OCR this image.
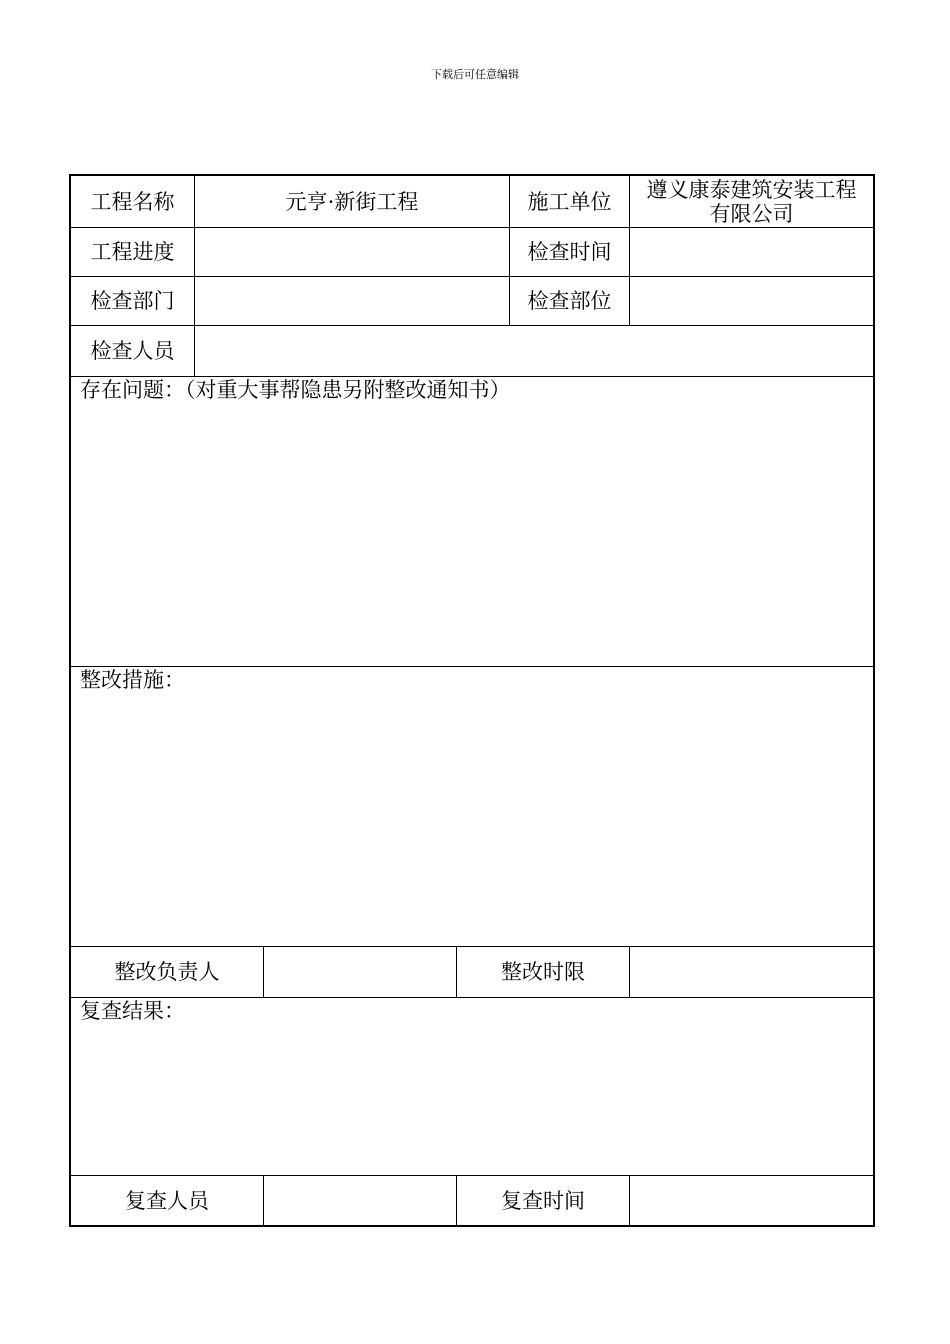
下载后可任意编辑
工程名称	元亨·新街工程	施工单位	遵义康泰建筑安装工程
有限公司
工程进度	检查时间
检查部门	检查部位
检查人员
存在问题：（对重大事帮隐患另附整改通知书）
整改措施：
整改负责人	整改时限
复查结果：
复查人员	复查时间
